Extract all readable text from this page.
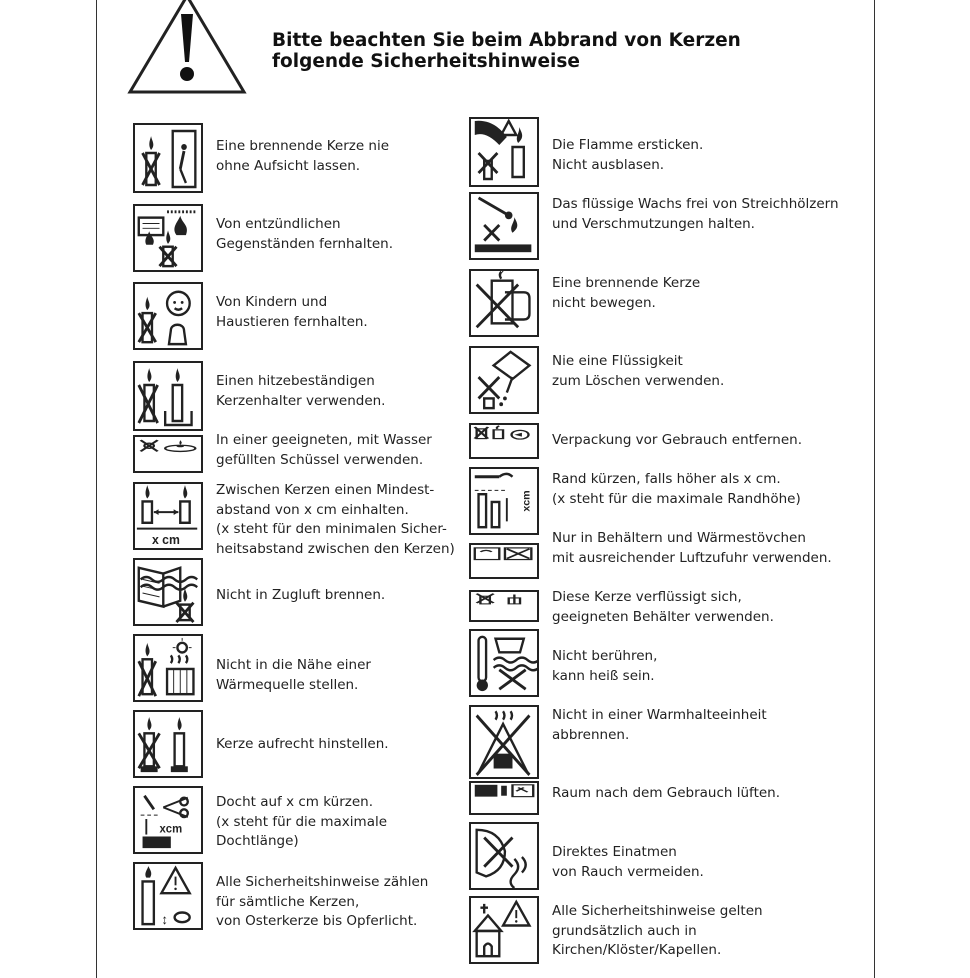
Bitte beachten Sie beim Abbrand von Kerzen
folgende Sicherheitshinweise
Eine brennende Kerze nie
ohne Aufsicht lassen.
Von entzündlichen
Gegenständen fernhalten.
Von Kindern und
Haustieren fernhalten.
Einen hitzebeständigen
Kerzenhalter verwenden.
In einer geeigneten, mit Wasser
gefüllten Schüssel verwenden.
x cm
Zwischen Kerzen einen Mindest-
abstand von x cm einhalten.
(x steht für den minimalen Sicher-
heitsabstand zwischen den Kerzen)
Nicht in Zugluft brennen.
Nicht in die Nähe einer
Wärmequelle stellen.
Kerze aufrecht hinstellen.
xcm
Docht auf x cm kürzen.
(x steht für die maximale
Dochtlänge)
↕
Alle Sicherheitshinweise zählen
für sämtliche Kerzen,
von Osterkerze bis Opferlicht.
Die Flamme ersticken.
Nicht ausblasen.
Das flüssige Wachs frei von Streichhölzern
und Verschmutzungen halten.
Eine brennende Kerze
nicht bewegen.
Nie eine Flüssigkeit
zum Löschen verwenden.
Verpackung vor Gebrauch entfernen.
xcm
Rand kürzen, falls höher als x cm.
(x steht für die maximale Randhöhe)
Nur in Behältern und Wärmestövchen
mit ausreichender Luftzufuhr verwenden.
Diese Kerze verflüssigt sich,
geeigneten Behälter verwenden.
Nicht berühren,
kann heiß sein.
Nicht in einer Warmhalteeinheit
abbrennen.
Raum nach dem Gebrauch lüften.
Direktes Einatmen
von Rauch vermeiden.
Alle Sicherheitshinweise gelten
grundsätzlich auch in
Kirchen/Klöster/Kapellen.
